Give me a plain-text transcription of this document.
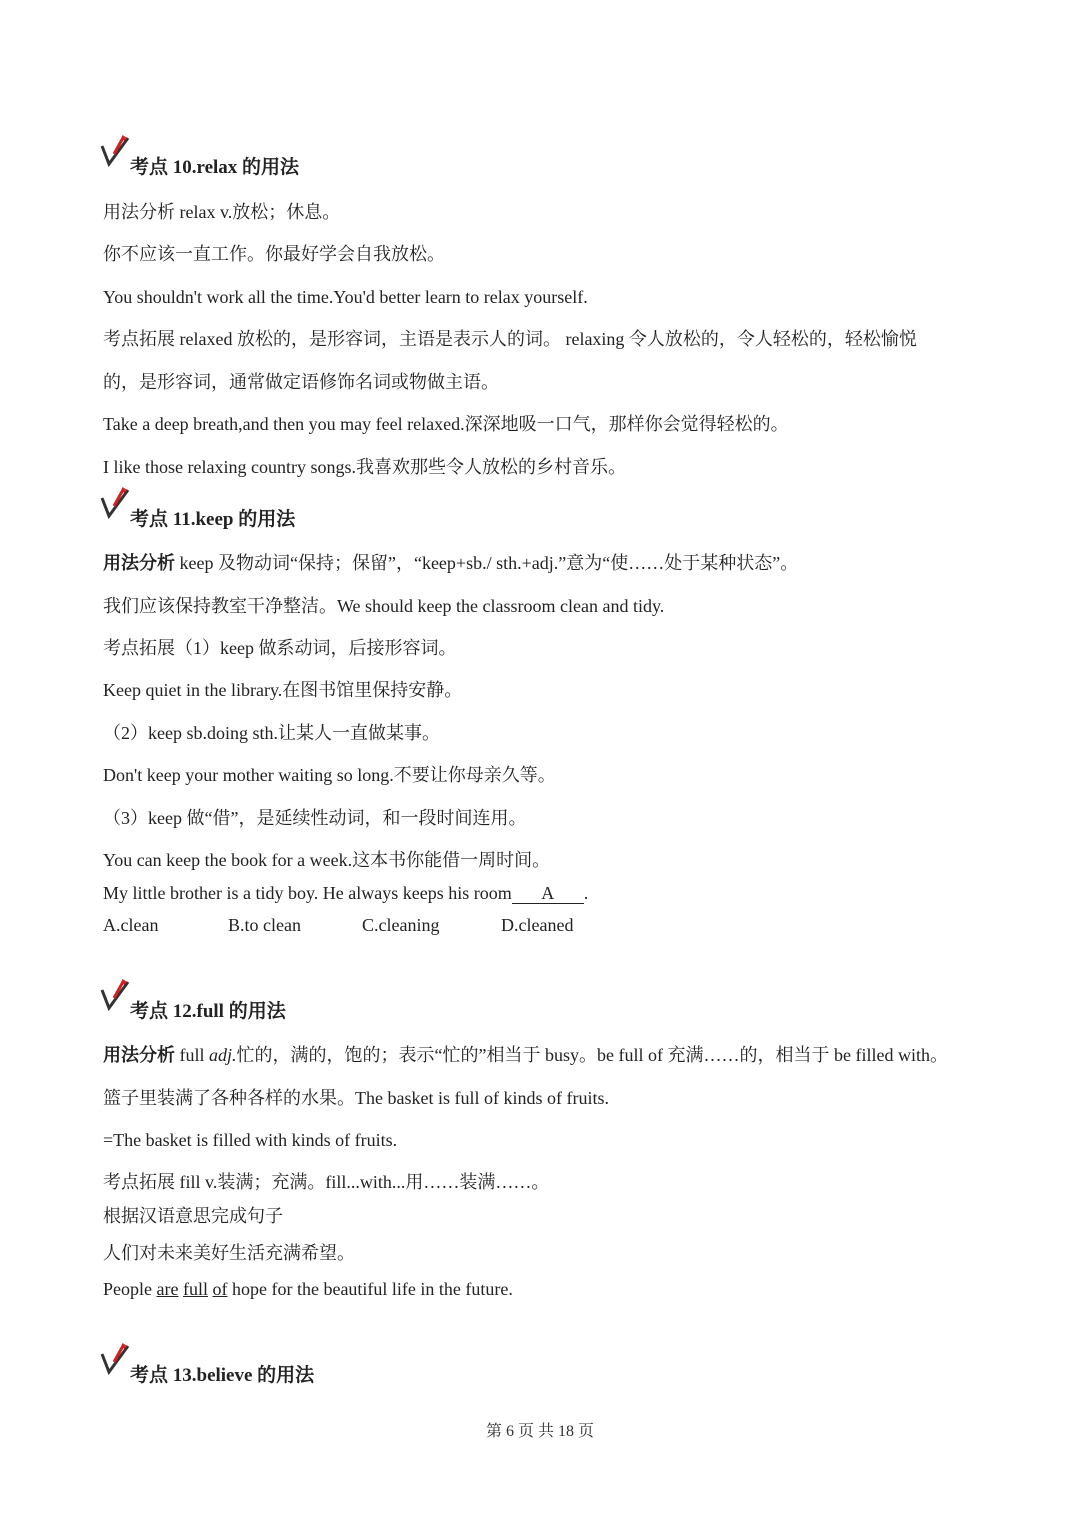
考点 10.relax 的用法
用法分析 relax v.放松；休息。
你不应该一直工作。你最好学会自我放松。
You shouldn't work all the time.You'd better learn to relax yourself.
考点拓展 relaxed 放松的，是形容词，主语是表示人的词。 relaxing 令人放松的，令人轻松的，轻松愉悦
的，是形容词，通常做定语修饰名词或物做主语。
Take a deep breath,and then you may feel relaxed.深深地吸一口气，那样你会觉得轻松的。
I like those relaxing country songs.我喜欢那些令人放松的乡村音乐。
考点 11.keep 的用法
用法分析 keep 及物动词“保持；保留”，“keep+sb./ sth.+adj.”意为“使……处于某种状态”。
我们应该保持教室干净整洁。We should keep the classroom clean and tidy.
考点拓展（1）keep 做系动词，后接形容词。
Keep quiet in the library.在图书馆里保持安静。
（2）keep sb.doing sth.让某人一直做某事。
Don't keep your mother waiting so long.不要让你母亲久等。
（3）keep 做“借”，是延续性动词，和一段时间连用。
You can keep the book for a week.这本书你能借一周时间。
My little brother is a tidy boy. He always keeps his room A .
A.clean	B.to clean	C.cleaning	D.cleaned
考点 12.full 的用法
用法分析 full adj.忙的，满的，饱的；表示“忙的”相当于 busy。be full of 充满……的，相当于 be filled with。
篮子里装满了各种各样的水果。The basket is full of kinds of fruits.
=The basket is filled with kinds of fruits.
考点拓展 fill v.装满；充满。fill...with...用……装满……。
根据汉语意思完成句子
人们对未来美好生活充满希望。
People are full of hope for the beautiful life in the future.
考点 13.believe 的用法
第 6 页 共 18 页
